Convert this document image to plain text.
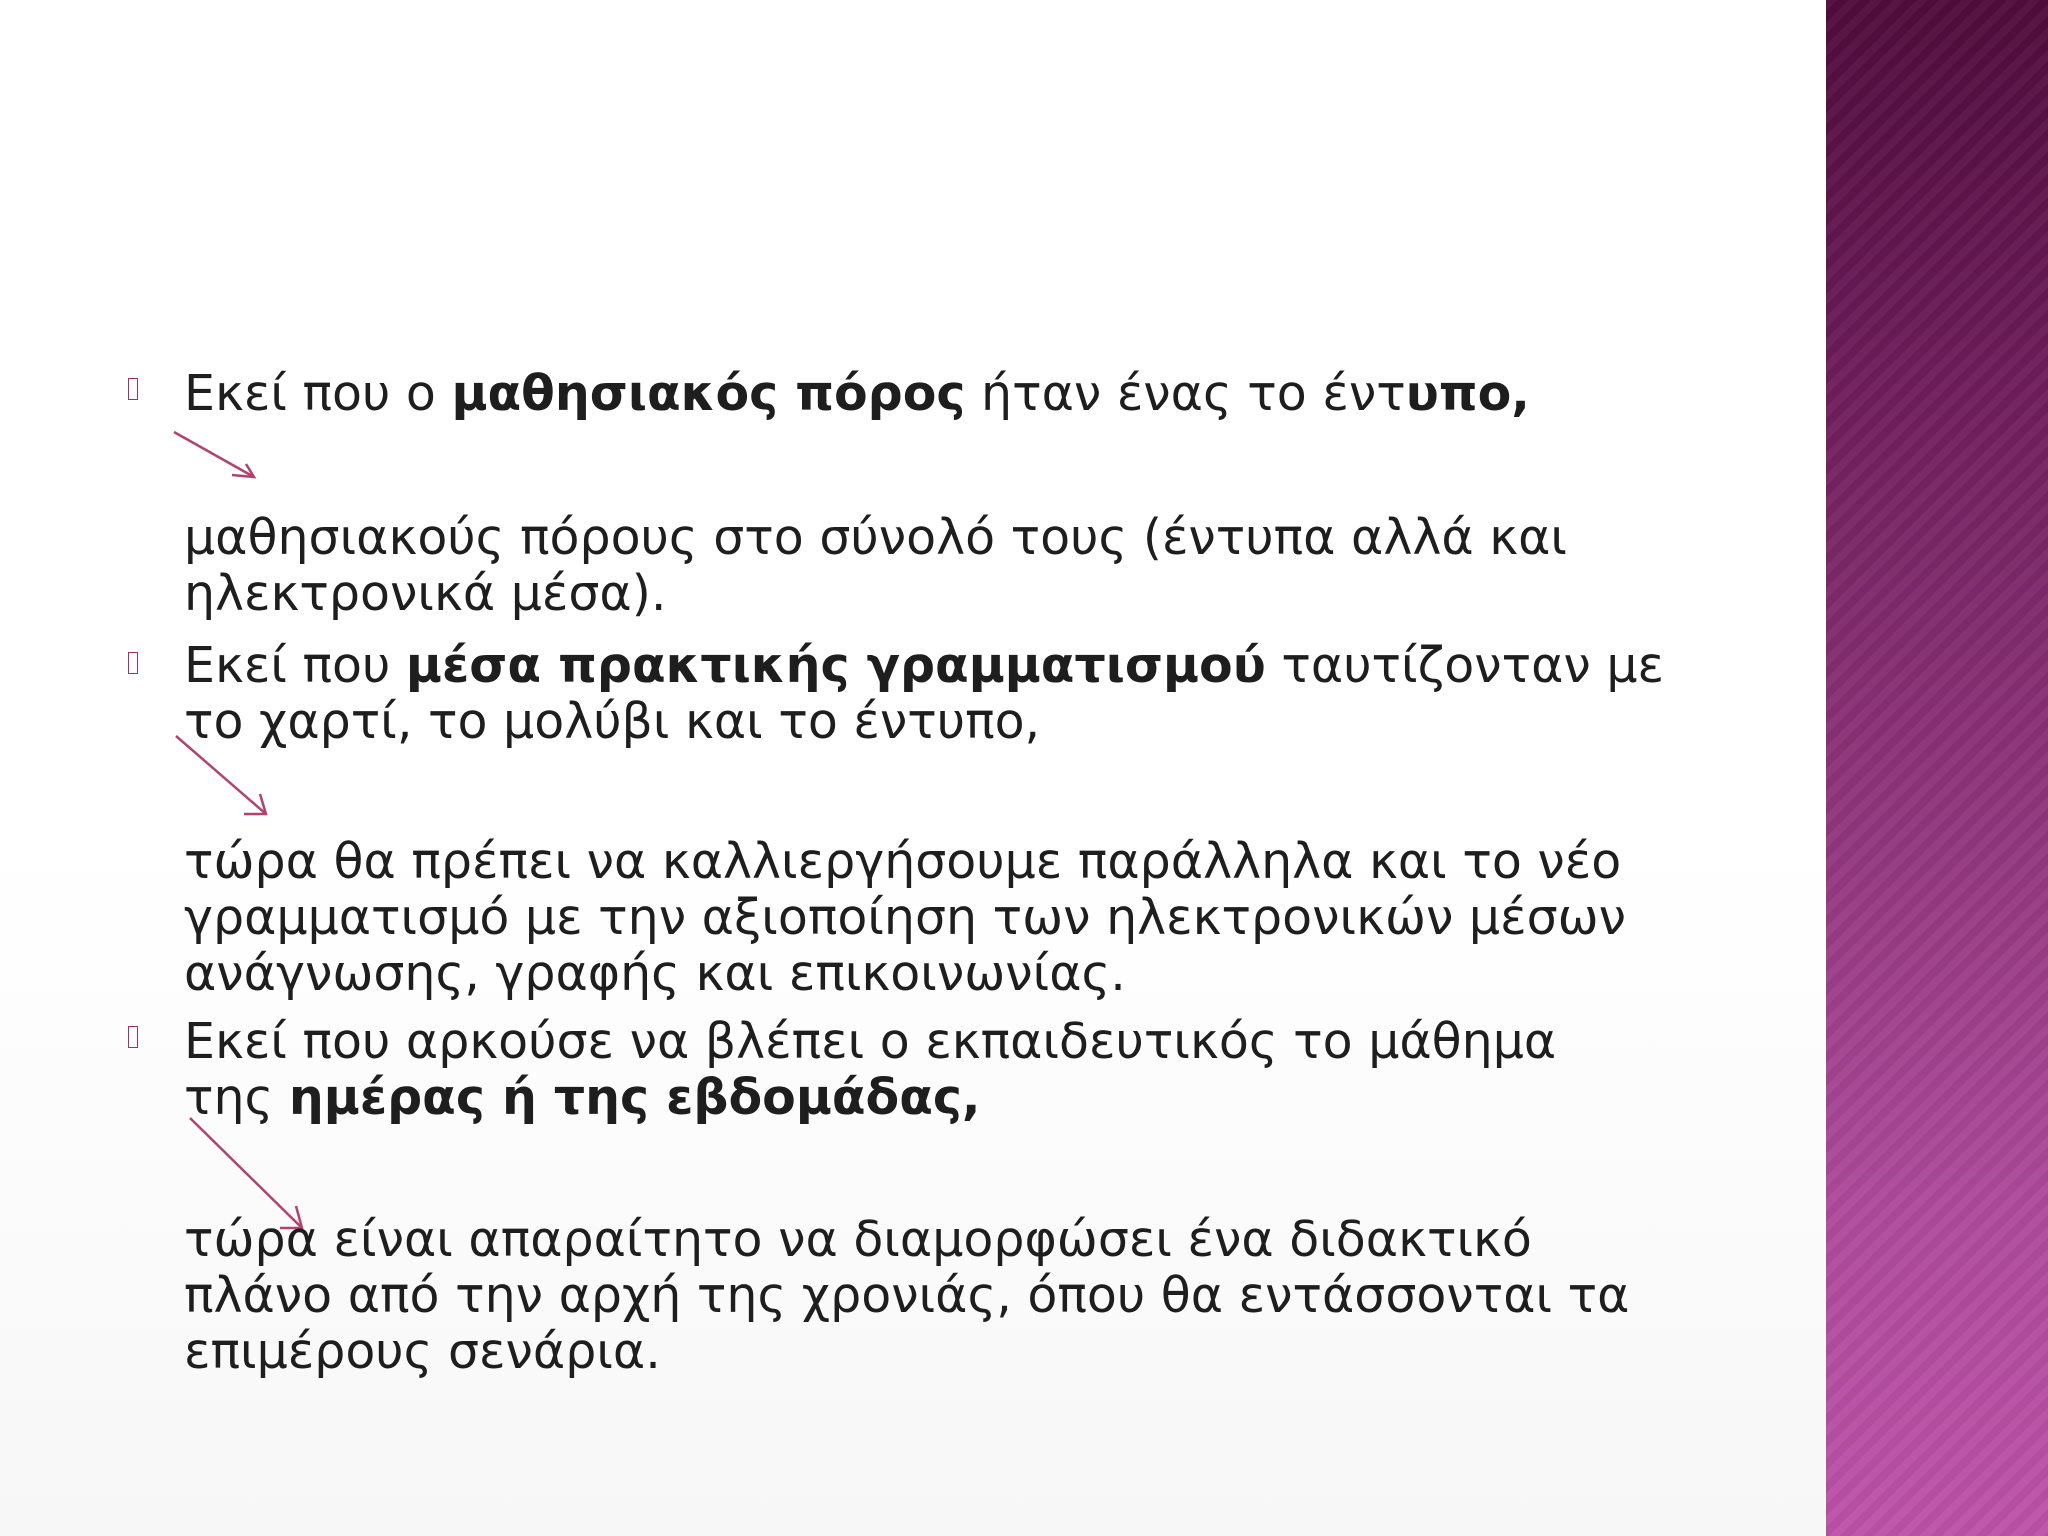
Εκεί που ο μαθησιακός πόρος ήταν ένας το έντυπο,

μαθησιακούς πόρους στο σύνολό τους (έντυπα αλλά και

ηλεκτρονικά μέσα).

Εκεί που μέσα πρακτικής γραμματισμού ταυτίζονταν με

το χαρτί, το μολύβι και το έντυπο,

τώρα θα πρέπει να καλλιεργήσουμε παράλληλα και το νέο

γραμματισμό με την αξιοποίηση των ηλεκτρονικών μέσων

ανάγνωσης, γραφής και επικοινωνίας.

Εκεί που αρκούσε να βλέπει ο εκπαιδευτικός το μάθημα

της ημέρας ή της εβδομάδας,

τώρα είναι απαραίτητο να διαμορφώσει ένα διδακτικό

πλάνο από την αρχή της χρονιάς, όπου θα εντάσσονται τα

επιμέρους σενάρια.
